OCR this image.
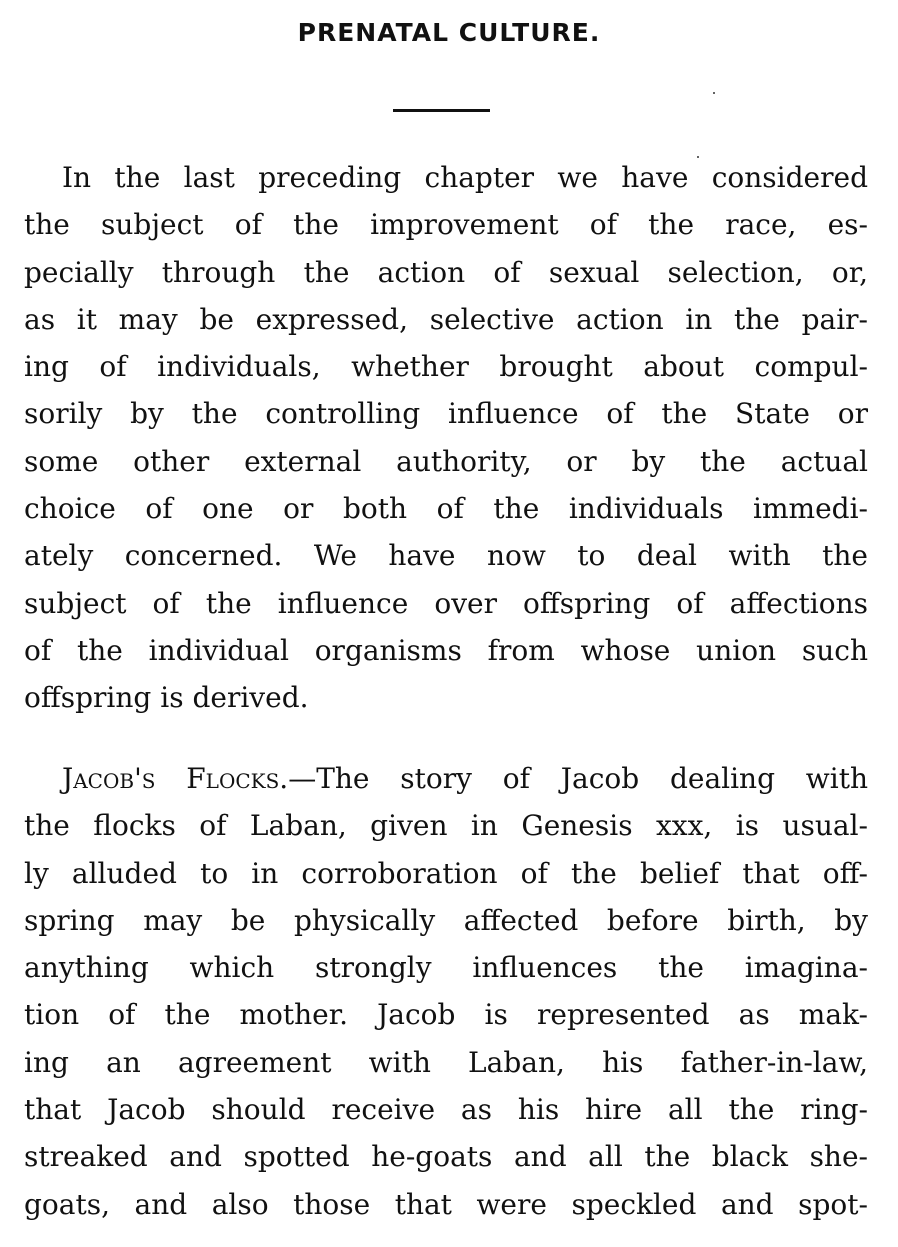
PRENATAL CULTURE.
In the last preceding chapter we have considered
the subject of the improvement of the race, es-
pecially through the action of sexual selection, or,
as it may be expressed, selective action in the pair-
ing of individuals, whether brought about compul-
sorily by the controlling influence of the State or
some other external authority, or by the actual
choice of one or both of the individuals immedi-
ately concerned. We have now to deal with the
subject of the influence over offspring of affections
of the individual organisms from whose union such
offspring is derived.
Jacob's Flocks.—The story of Jacob dealing with
the flocks of Laban, given in Genesis xxx, is usual-
ly alluded to in corroboration of the belief that off-
spring may be physically affected before birth, by
anything which strongly influences the imagina-
tion of the mother. Jacob is represented as mak-
ing an agreement with Laban, his father-in-law,
that Jacob should receive as his hire all the ring-
streaked and spotted he-goats and all the black she-
goats, and also those that were speckled and spot-
